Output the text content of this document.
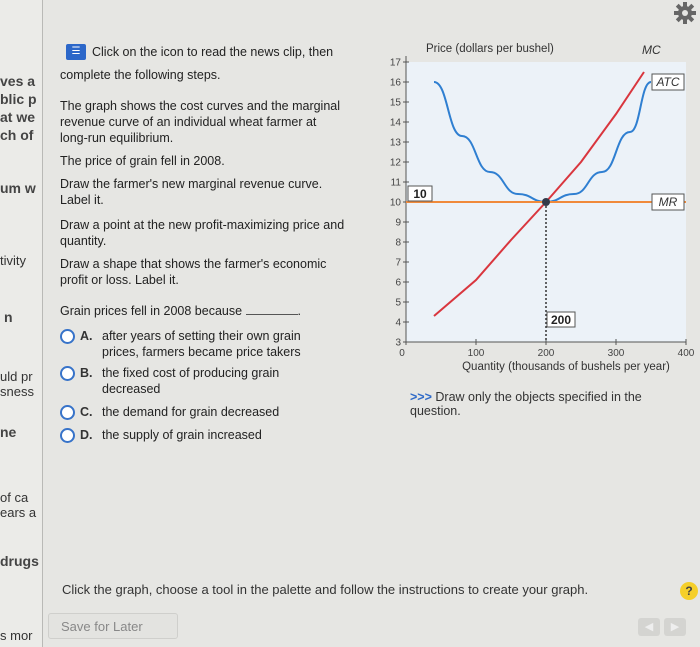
ves a
blic p
at we
ch of
um w
tivity
n
uld pr
sness
ne
of ca
ears a
drugs
s mor
☰ Click on the icon to read the news clip, then
complete the following steps.
The graph shows the cost curves and the marginal
revenue curve of an individual wheat farmer at
long-run equilibrium.
The price of grain fell in 2008.
Draw the farmer's new marginal revenue curve.
Label it.
Draw a point at the new profit-maximizing price and
quantity.
Draw a shape that shows the farmer's economic
profit or loss. Label it.
Grain prices fell in 2008 because	.
A. after years of setting their own grain
prices, farmers became price takers
B. the fixed cost of producing grain
decreased
C. the demand for grain decreased
D. the supply of grain increased
3
4
5
6
7
8
9
10
11
12
13
14
15
16
17
0	100	200	300	400
Price (dollars per bushel)
Quantity (thousands of bushels per year)
MC
ATC
MR
10
200
>>> Draw only the objects specified in the question.
Click the graph, choose a tool in the palette and follow the instructions to create your graph.	?
Save for Later	◀	▶
